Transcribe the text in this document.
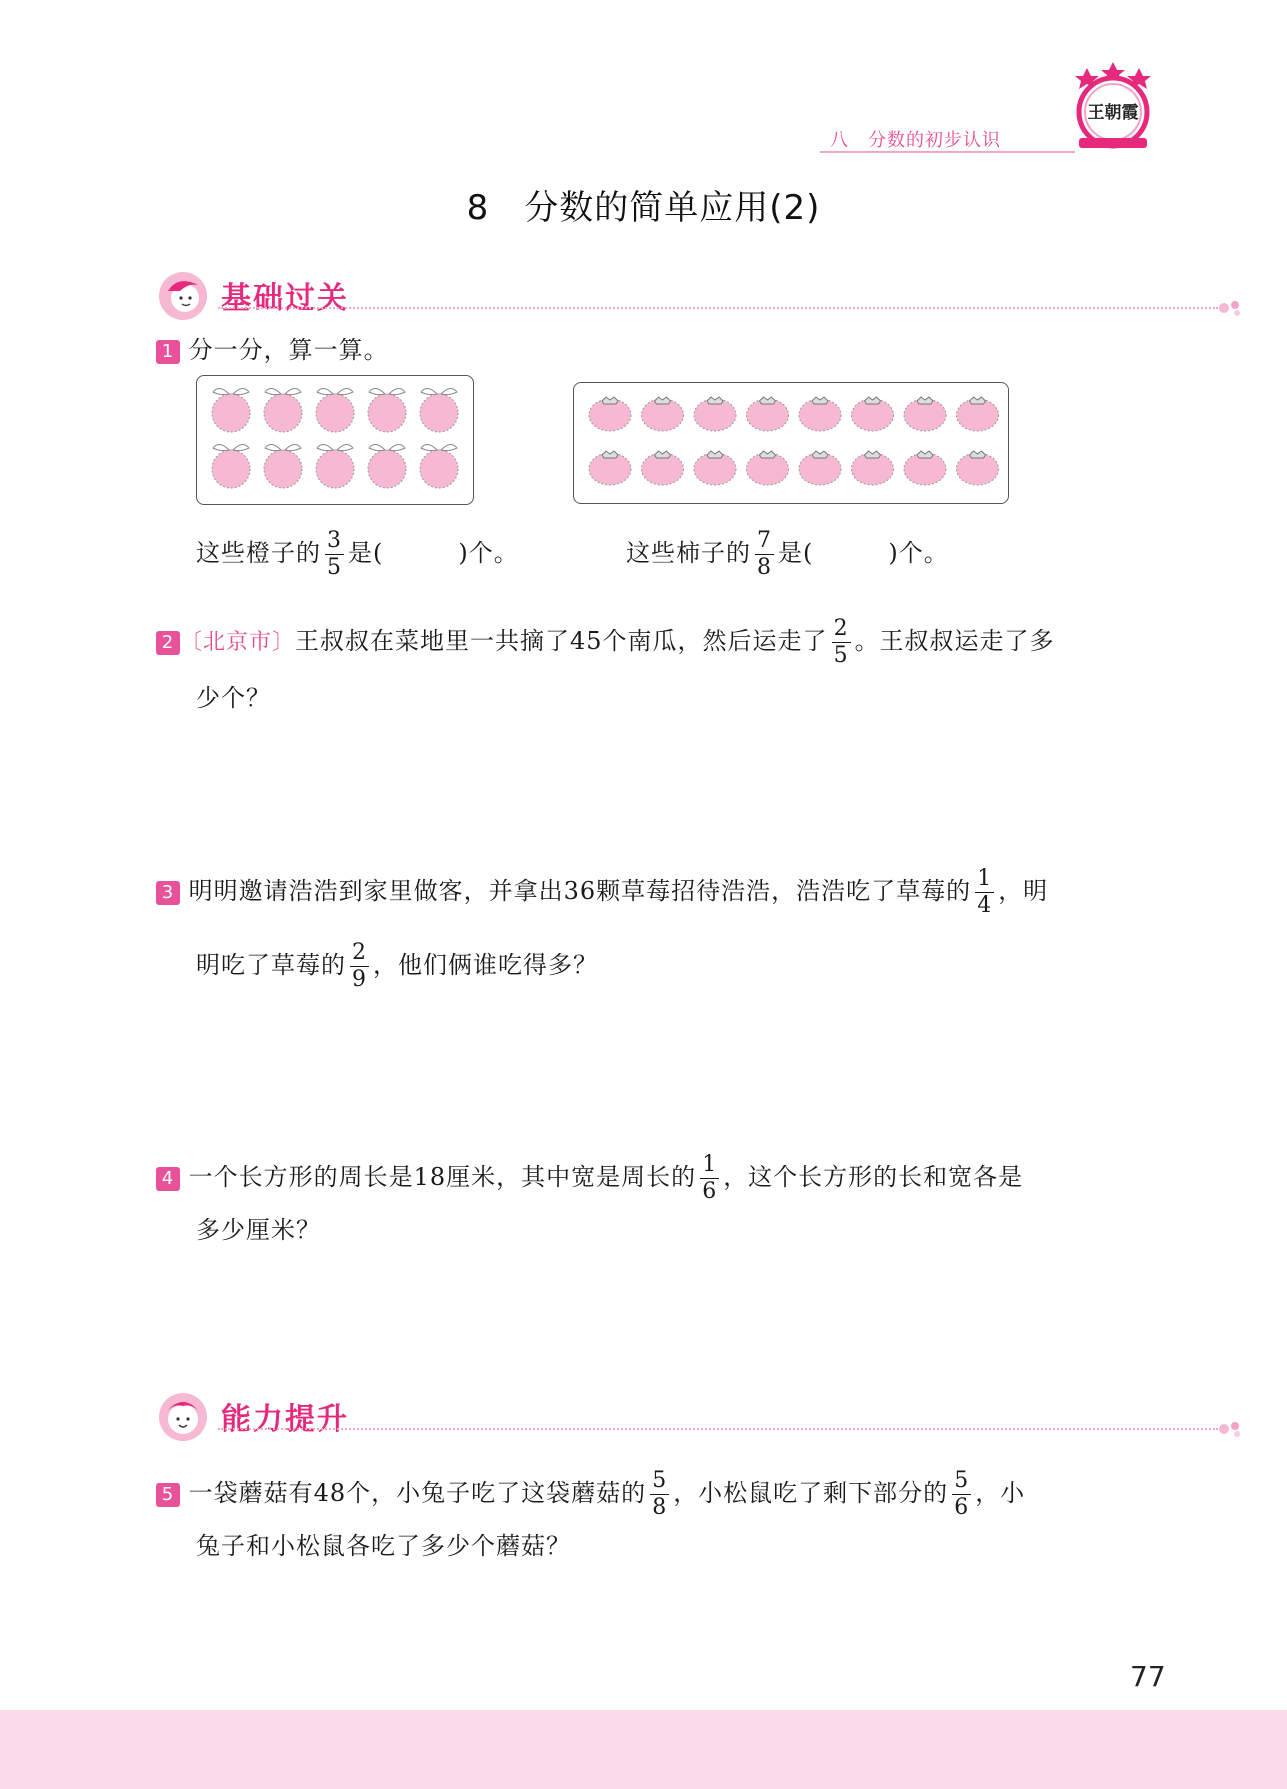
八　分数的初步认识
王朝霞
8　分数的简单应用(2)
基础过关
1 分一分，算一算。
这些橙子的 $\frac{3}{5}$ 是(　　　)个。	这些柿子的 $\frac{7}{8}$ 是(　　　)个。
2 〔北京市〕王叔叔在菜地里一共摘了45个南瓜，然后运走了 $\frac{2}{5}$ 。王叔叔运走了多
少个？
3 明明邀请浩浩到家里做客，并拿出36颗草莓招待浩浩，浩浩吃了草莓的 $\frac{1}{4}$ ，明
明吃了草莓的 $\frac{2}{9}$ ，他们俩谁吃得多？
4 一个长方形的周长是18厘米，其中宽是周长的 $\frac{1}{6}$ ，这个长方形的长和宽各是
多少厘米？
能力提升
5 一袋蘑菇有48个，小兔子吃了这袋蘑菇的 $\frac{5}{8}$ ，小松鼠吃了剩下部分的 $\frac{5}{6}$ ，小
兔子和小松鼠各吃了多少个蘑菇？
77
